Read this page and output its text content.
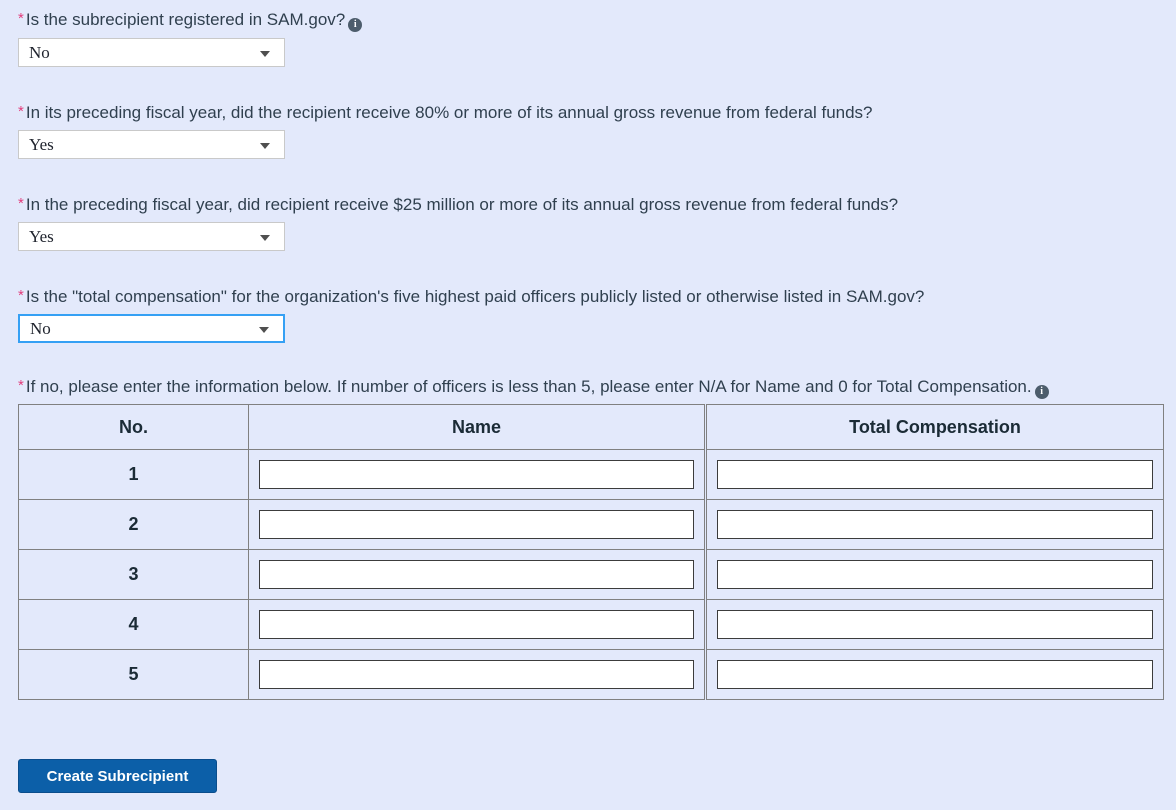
* Is the subrecipient registered in SAM.gov? i
No
* In its preceding fiscal year, did the recipient receive 80% or more of its annual gross revenue from federal funds?
Yes
* In the preceding fiscal year, did recipient receive $25 million or more of its annual gross revenue from federal funds?
Yes
* Is the "total compensation" for the organization's five highest paid officers publicly listed or otherwise listed in SAM.gov?
No
* If no, please enter the information below. If number of officers is less than 5, please enter N/A for Name and 0 for Total Compensation. i
No.	Name	Total Compensation
1	

2	

3	

4	

5	

Create Subrecipient
